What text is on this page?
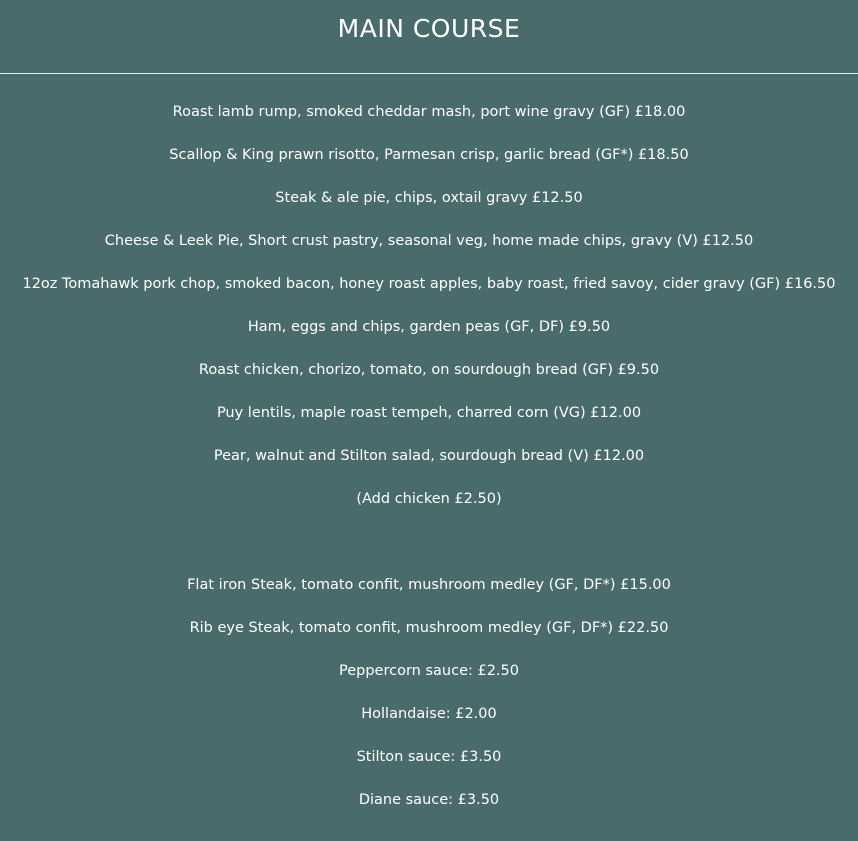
MAIN COURSE
Roast lamb rump, smoked cheddar mash, port wine gravy (GF) £18.00
Scallop & King prawn risotto, Parmesan crisp, garlic bread (GF*) £18.50
Steak & ale pie, chips, oxtail gravy £12.50
Cheese & Leek Pie, Short crust pastry, seasonal veg, home made chips, gravy (V) £12.50
12oz Tomahawk pork chop, smoked bacon, honey roast apples, baby roast, fried savoy, cider gravy (GF) £16.50
Ham, eggs and chips, garden peas (GF, DF) £9.50
Roast chicken, chorizo, tomato, on sourdough bread (GF) £9.50
Puy lentils, maple roast tempeh, charred corn (VG) £12.00
Pear, walnut and Stilton salad, sourdough bread (V) £12.00
(Add chicken £2.50)
Flat iron Steak, tomato confit, mushroom medley (GF, DF*) £15.00
Rib eye Steak, tomato confit, mushroom medley (GF, DF*) £22.50
Peppercorn sauce: £2.50
Hollandaise: £2.00
Stilton sauce: £3.50
Diane sauce: £3.50
